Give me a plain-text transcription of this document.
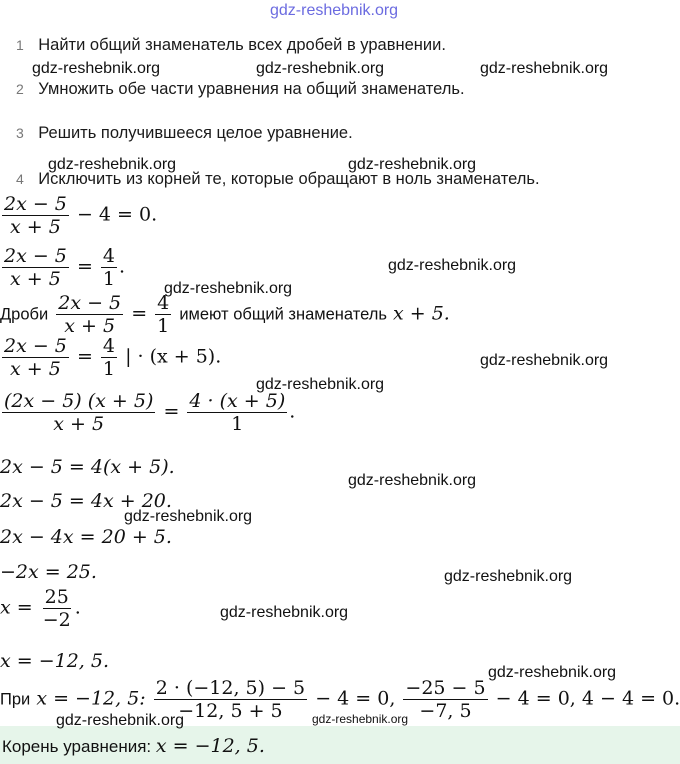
gdz-reshebnik.org
1 Найти общий знаменатель всех дробей в уравнении.
2 Умножить обе части уравнения на общий знаменатель.
3 Решить получившееся целое уравнение.
4 Исключить из корней те, которые обращают в ноль знаменатель.
$\frac{2x - 5}{x + 5} - 4 = 0$.
$\frac{2x - 5}{x + 5} = \frac{4}{1}$ .
Дроби $\frac{2x - 5}{x + 5} = \frac{4}{1}$ имеют общий знаменатель x + 5.
$\frac{2x - 5}{x + 5} = \frac{4}{1}$ | · (x + 5).
$\frac{(2x - 5) (x + 5)}{x + 5} = \frac{4 \cdot (x + 5)}{1}$ .
2x − 5 = 4(x + 5).
2x − 5 = 4x + 20.
2x − 4x = 20 + 5.
−2x = 25.
$x = \frac{25}{-2}$ .
x = −12, 5.
При x = −12, 5: $\frac{2 \cdot (-12, 5) - 5}{-12, 5 + 5} - 4 = 0$, $\frac{-25 - 5}{-7, 5} - 4 = 0$, 4 − 4 = 0.
Корень уравнения: x = −12, 5.
gdz-reshebnik.org	gdz-reshebnik.org	gdz-reshebnik.org
gdz-reshebnik.org	gdz-reshebnik.org
gdz-reshebnik.org
gdz-reshebnik.org
gdz-reshebnik.org
gdz-reshebnik.org
gdz-reshebnik.org
gdz-reshebnik.org
gdz-reshebnik.org
gdz-reshebnik.org
gdz-reshebnik.org
gdz-reshebnik.org	gdz-reshebnik.org
